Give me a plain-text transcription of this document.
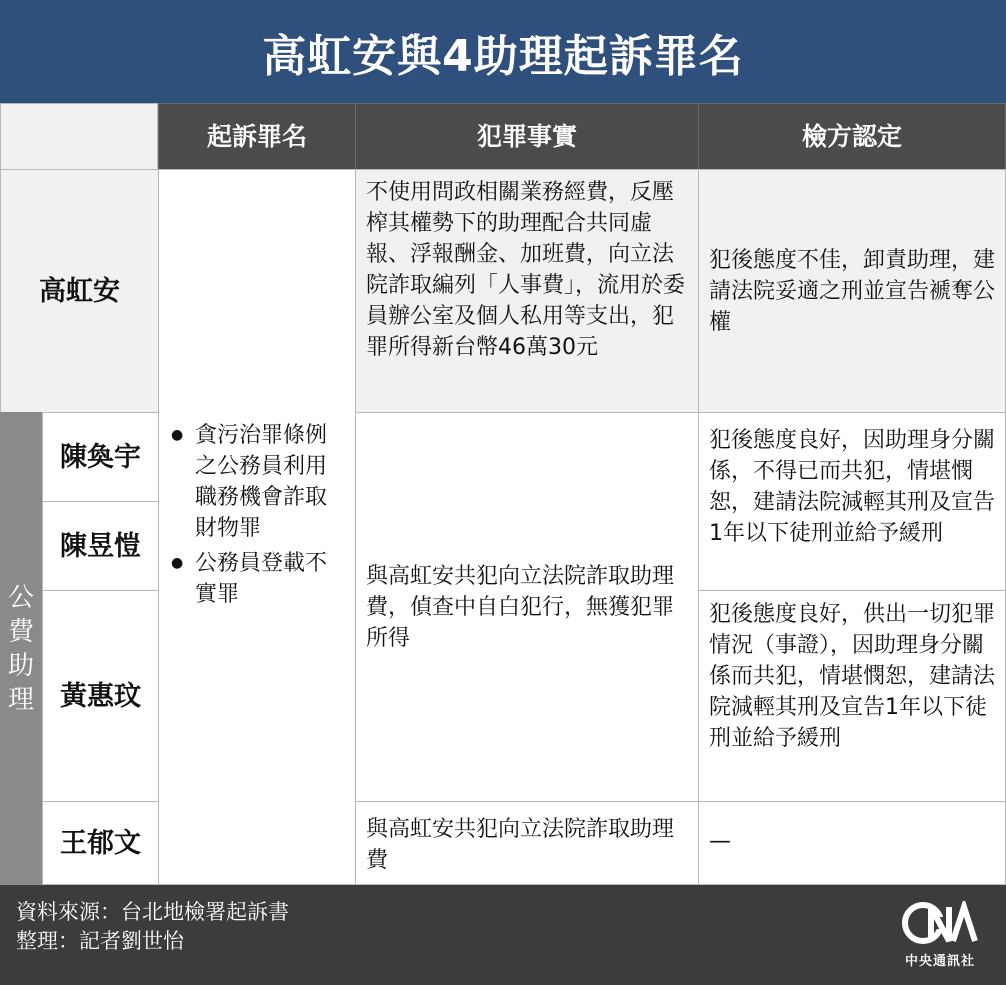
高虹安與4助理起訴罪名
起訴罪名	犯罪事實	檢方認定
高虹安
不使用問政相關業務經費，反壓榨其權勢下的助理配合共同虛報、浮報酬金、加班費，向立法院詐取編列「人事費」，流用於委員辦公室及個人私用等支出，犯罪所得新台幣46萬30元
犯後態度不佳，卸責助理，建請法院妥適之刑並宣告褫奪公權
● 貪污治罪條例之公務員利用職務機會詐取財物罪
● 公務員登載不實罪
公
費
助
理
陳奐宇
陳昱愷
黃惠玟
王郁文
與高虹安共犯向立法院詐取助理費，偵查中自白犯行，無獲犯罪所得
犯後態度良好，因助理身分關係，不得已而共犯，情堪憫恕，建請法院減輕其刑及宣告1年以下徒刑並給予緩刑
犯後態度良好，供出一切犯罪情況（事證），因助理身分關係而共犯，情堪憫恕，建請法院減輕其刑及宣告1年以下徒刑並給予緩刑
與高虹安共犯向立法院詐取助理費
—
資料來源：台北地檢署起訴書
整理：記者劉世怡
中央通訊社
